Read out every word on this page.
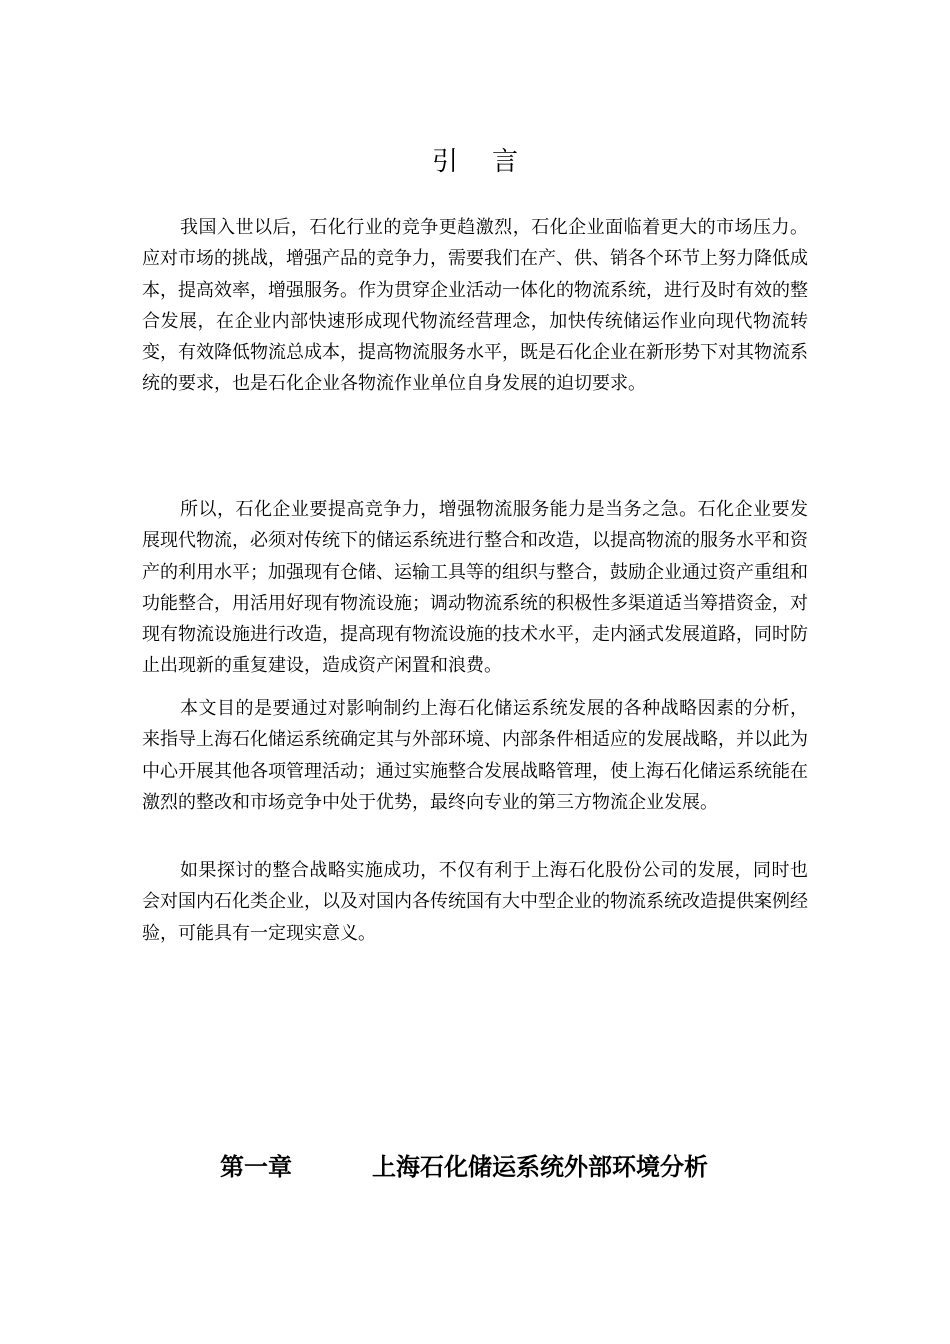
引 言

我国入世以后，石化行业的竞争更趋激烈，石化企业面临着更大的市场压力。应对市场的挑战，增强产品的竞争力，需要我们在产、供、销各个环节上努力降低成本，提高效率，增强服务。作为贯穿企业活动一体化的物流系统，进行及时有效的整合发展，在企业内部快速形成现代物流经营理念，加快传统储运作业向现代物流转变，有效降低物流总成本，提高物流服务水平，既是石化企业在新形势下对其物流系统的要求，也是石化企业各物流作业单位自身发展的迫切要求。

所以，石化企业要提高竞争力，增强物流服务能力是当务之急。石化企业要发展现代物流，必须对传统下的储运系统进行整合和改造，以提高物流的服务水平和资产的利用水平；加强现有仓储、运输工具等的组织与整合，鼓励企业通过资产重组和功能整合，用活用好现有物流设施；调动物流系统的积极性多渠道适当筹措资金，对现有物流设施进行改造，提高现有物流设施的技术水平，走内涵式发展道路，同时防止出现新的重复建设，造成资产闲置和浪费。

本文目的是要通过对影响制约上海石化储运系统发展的各种战略因素的分析，来指导上海石化储运系统确定其与外部环境、内部条件相适应的发展战略，并以此为中心开展其他各项管理活动；通过实施整合发展战略管理，使上海石化储运系统能在激烈的整改和市场竞争中处于优势，最终向专业的第三方物流企业发展。

如果探讨的整合战略实施成功，不仅有利于上海石化股份公司的发展，同时也会对国内石化类企业，以及对国内各传统国有大中型企业的物流系统改造提供案例经验，可能具有一定现实意义。

第一章	上海石化储运系统外部环境分析
